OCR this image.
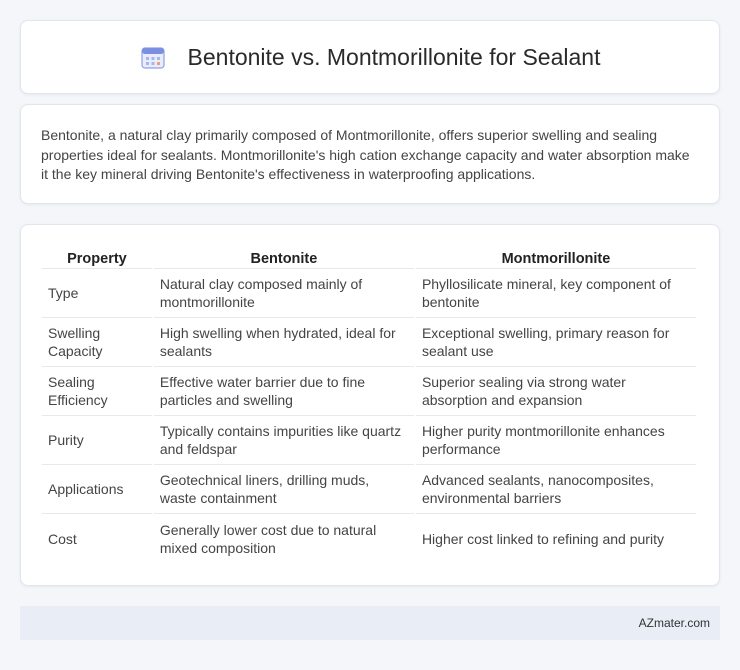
Bentonite vs. Montmorillonite for Sealant

Bentonite, a natural clay primarily composed of Montmorillonite, offers superior swelling and sealing properties ideal for sealants. Montmorillonite's high cation exchange capacity and water absorption make it the key mineral driving Bentonite's effectiveness in waterproofing applications.

Property	Bentonite	Montmorillonite
Type	Natural clay composed mainly of montmorillonite	Phyllosilicate mineral, key component of bentonite
Swelling Capacity	High swelling when hydrated, ideal for sealants	Exceptional swelling, primary reason for sealant use
Sealing Efficiency	Effective water barrier due to fine particles and swelling	Superior sealing via strong water absorption and expansion
Purity	Typically contains impurities like quartz and feldspar	Higher purity montmorillonite enhances performance
Applications	Geotechnical liners, drilling muds, waste containment	Advanced sealants, nanocomposites, environmental barriers
Cost	Generally lower cost due to natural mixed composition	Higher cost linked to refining and purity
AZmater.com
